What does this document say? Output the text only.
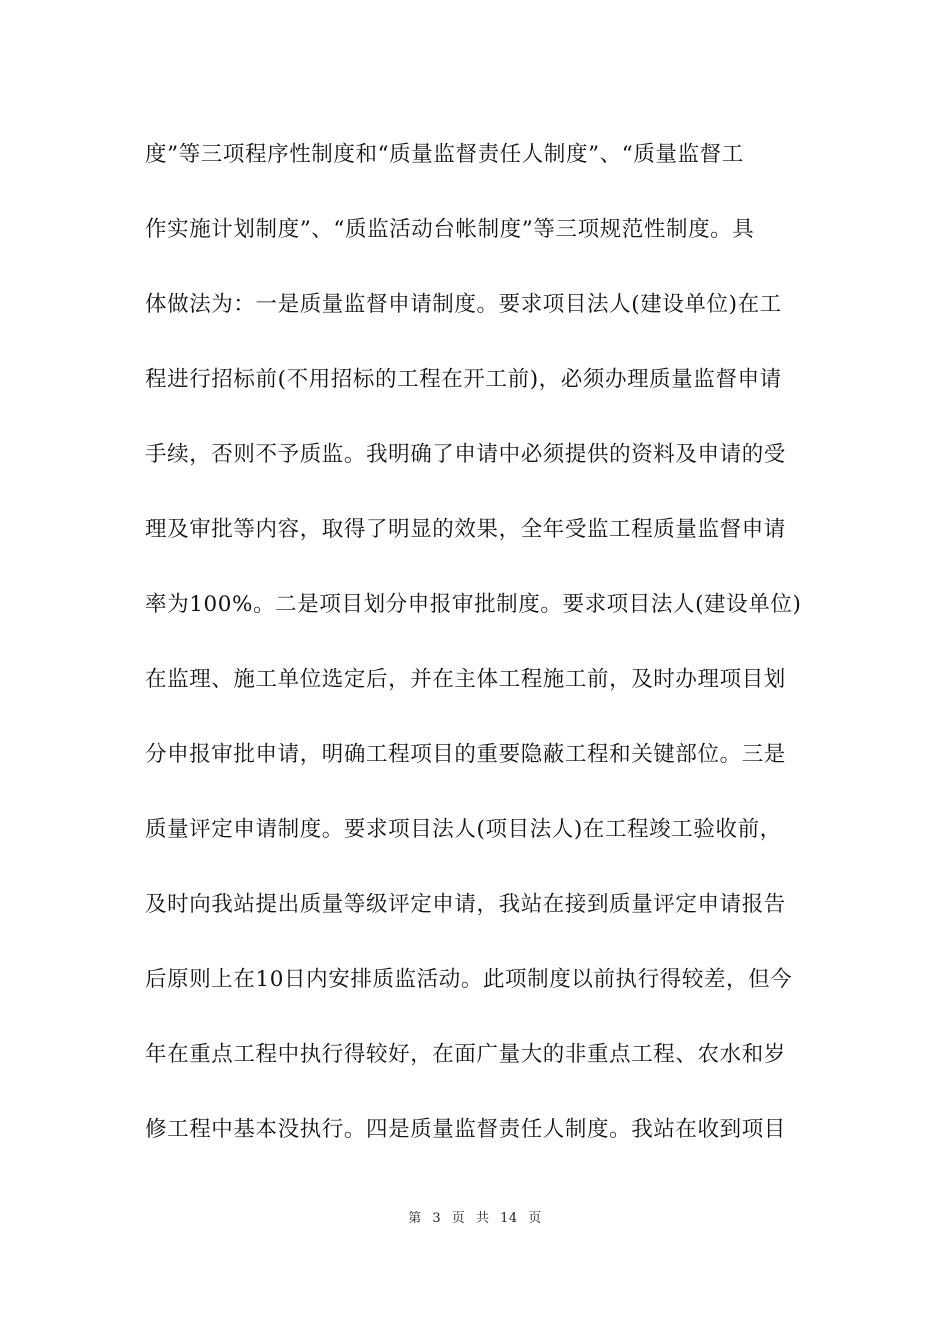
度”等三项程序性制度和“质量监督责任人制度”、“质量监督工
作实施计划制度”、“质监活动台帐制度”等三项规范性制度。具
体做法为：一是质量监督申请制度。要求项目法人(建设单位)在工
程进行招标前(不用招标的工程在开工前)，必须办理质量监督申请
手续，否则不予质监。我明确了申请中必须提供的资料及申请的受
理及审批等内容，取得了明显的效果，全年受监工程质量监督申请
率为100%。二是项目划分申报审批制度。要求项目法人(建设单位)
在监理、施工单位选定后，并在主体工程施工前，及时办理项目划
分申报审批申请，明确工程项目的重要隐蔽工程和关键部位。三是
质量评定申请制度。要求项目法人(项目法人)在工程竣工验收前，
及时向我站提出质量等级评定申请，我站在接到质量评定申请报告
后原则上在10日内安排质监活动。此项制度以前执行得较差，但今
年在重点工程中执行得较好，在面广量大的非重点工程、农水和岁
修工程中基本没执行。四是质量监督责任人制度。我站在收到项目
第 3 页 共 14 页
